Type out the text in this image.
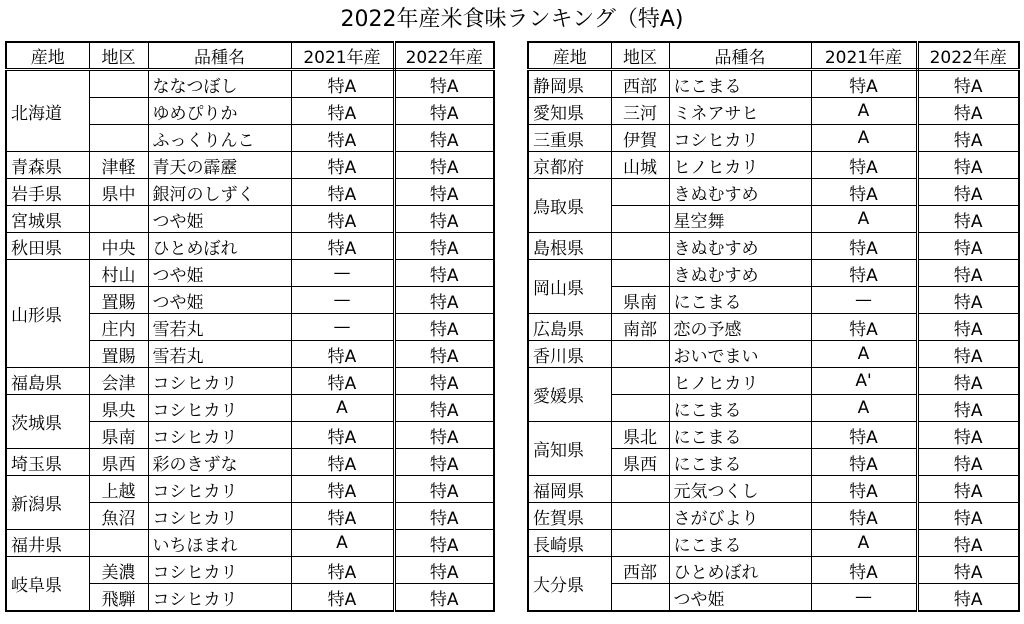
2022年産米食味ランキング（特A)
産地	地区	品種名	2021年産	2022年産
北海道		ななつぼし	特A	特A
		ゆめぴりか	特A	特A
		ふっくりんこ	特A	特A
青森県	津軽	青天の霹靂	特A	特A
岩手県	県中	銀河のしずく	特A	特A
宮城県		つや姫	特A	特A
秋田県	中央	ひとめぼれ	特A	特A
山形県	村山	つや姫	—	特A
	置賜	つや姫	—	特A
	庄内	雪若丸	—	特A
	置賜	雪若丸	特A	特A
福島県	会津	コシヒカリ	特A	特A
茨城県	県央	コシヒカリ	A	特A
	県南	コシヒカリ	特A	特A
埼玉県	県西	彩のきずな	特A	特A
新潟県	上越	コシヒカリ	特A	特A
	魚沼	コシヒカリ	特A	特A
福井県		いちほまれ	A	特A
岐阜県	美濃	コシヒカリ	特A	特A
	飛騨	コシヒカリ	特A	特A
産地	地区	品種名	2021年産	2022年産
静岡県	西部	にこまる	特A	特A
愛知県	三河	ミネアサヒ	A	特A
三重県	伊賀	コシヒカリ	A	特A
京都府	山城	ヒノヒカリ	特A	特A
鳥取県		きぬむすめ	特A	特A
		星空舞	A	特A
島根県		きぬむすめ	特A	特A
岡山県		きぬむすめ	特A	特A
	県南	にこまる	—	特A
広島県	南部	恋の予感	特A	特A
香川県		おいでまい	A	特A
愛媛県		ヒノヒカリ	A'	特A
		にこまる	A	特A
高知県	県北	にこまる	特A	特A
	県西	にこまる	特A	特A
福岡県		元気つくし	特A	特A
佐賀県		さがびより	特A	特A
長崎県		にこまる	A	特A
大分県	西部	ひとめぼれ	特A	特A
		つや姫	—	特A
